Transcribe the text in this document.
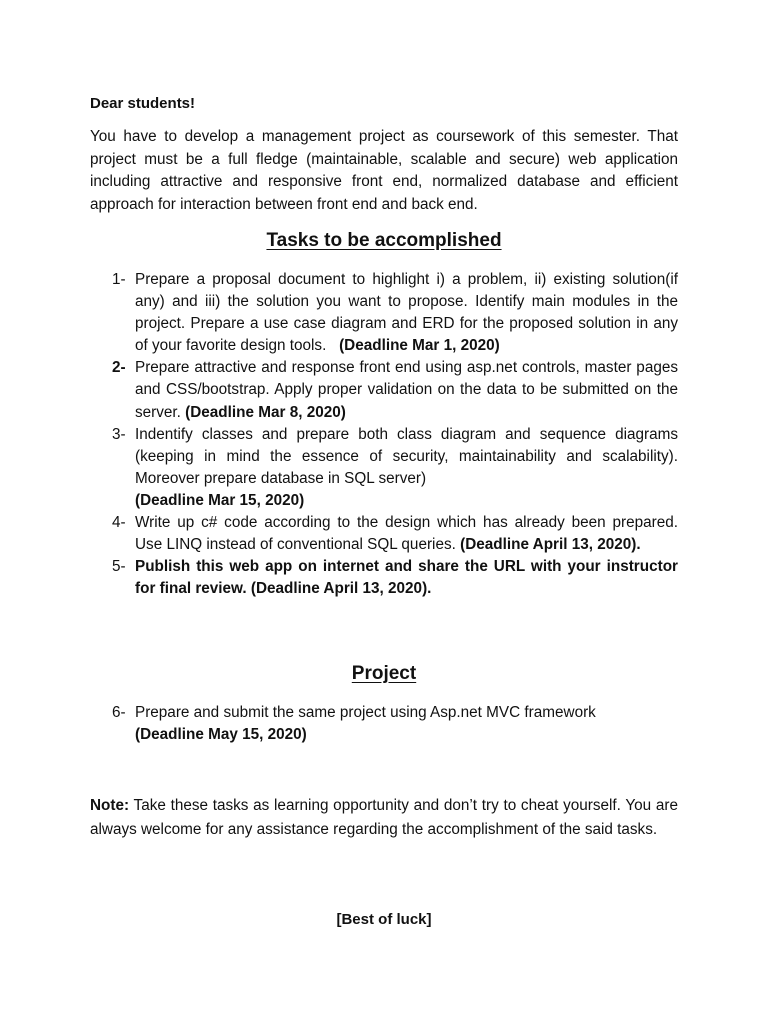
Dear students!
You have to develop a management project as coursework of this semester. That project must be a full fledge (maintainable, scalable and secure) web application including attractive and responsive front end, normalized database and efficient approach for interaction between front end and back end.
Tasks to be accomplished
1- Prepare a proposal document to highlight i) a problem, ii) existing solution(if any) and iii) the solution you want to propose. Identify main modules in the project. Prepare a use case diagram and ERD for the proposed solution in any of your favorite design tools. (Deadline Mar 1, 2020)
2- Prepare attractive and response front end using asp.net controls, master pages and CSS/bootstrap. Apply proper validation on the data to be submitted on the server. (Deadline Mar 8, 2020)
3- Indentify classes and prepare both class diagram and sequence diagrams (keeping in mind the essence of security, maintainability and scalability). Moreover prepare database in SQL server)
(Deadline Mar 15, 2020)
4- Write up c# code according to the design which has already been prepared. Use LINQ instead of conventional SQL queries. (Deadline April 13, 2020).
5- Publish this web app on internet and share the URL with your instructor for final review. (Deadline April 13, 2020).
Project
6- Prepare and submit the same project using Asp.net MVC framework
(Deadline May 15, 2020)
Note: Take these tasks as learning opportunity and don’t try to cheat yourself. You are always welcome for any assistance regarding the accomplishment of the said tasks.
[Best of luck]
